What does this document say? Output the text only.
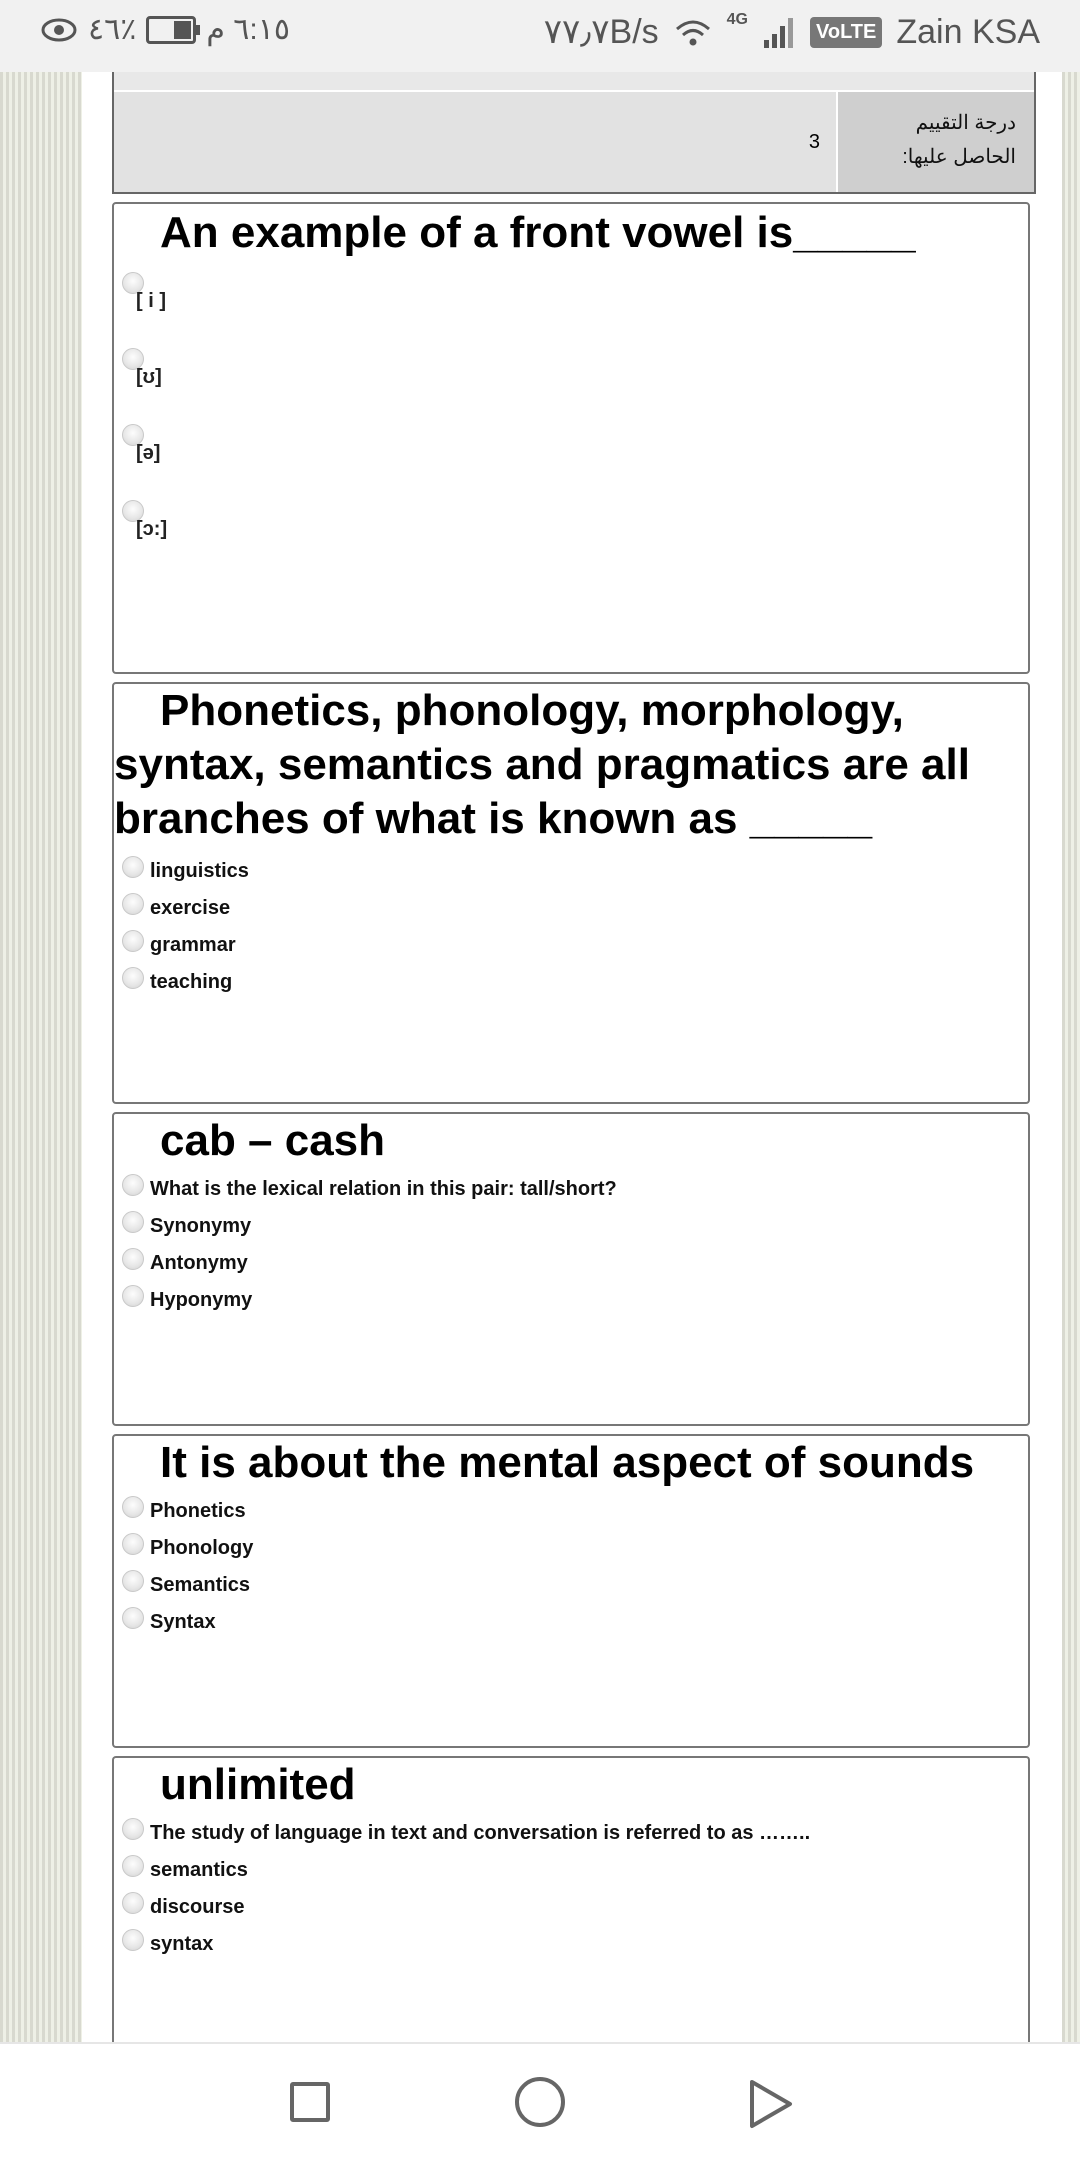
٦:١٥ م
٪٤٦	٧٧٫٧B/s	4G
VoLTE Zain KSA
3
درجة التقييم الحاصل عليها:

An example of a front vowel is_____

[ i ]
[ʊ]
[ə]
[ɔ:]

Phonetics, phonology, morphology, syntax, semantics and pragmatics are all branches of what is known as _____

linguistics
exercise
grammar
teaching

cab – cash

What is the lexical relation in this pair: tall/short?
Synonymy
Antonymy
Hyponymy

It is about the mental aspect of sounds

Phonetics
Phonology
Semantics
Syntax

unlimited

The study of language in text and conversation is referred to as ……..
semantics
discourse
syntax
